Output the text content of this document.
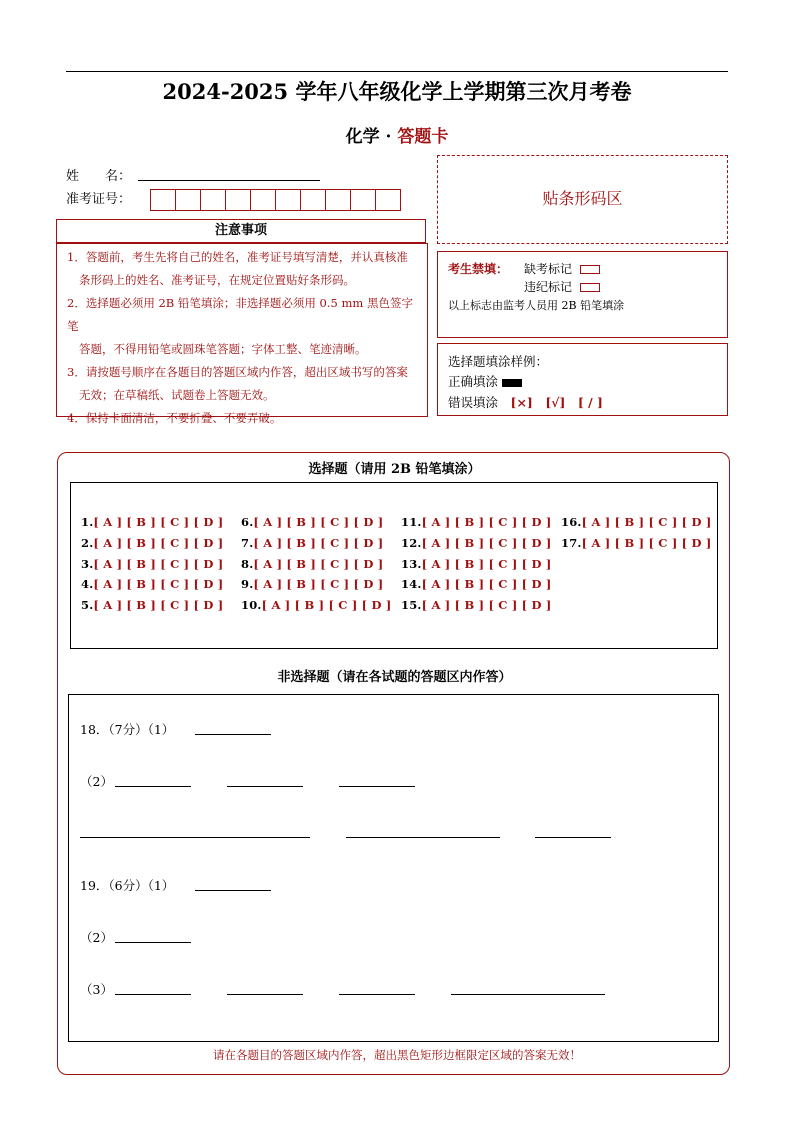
2024-2025 学年八年级化学上学期第三次月考卷
化学 · 答题卡
姓　　名：
准考证号：
注意事项

1．答题前，考生先将自己的姓名，准考证号填写清楚，并认真核准

条形码上的姓名、准考证号，在规定位置贴好条形码。

2．选择题必须用 2B 铅笔填涂；非选择题必须用 0.5 mm 黑色签字笔

答题，不得用铅笔或圆珠笔答题；字体工整、笔迹清晰。

3．请按题号顺序在各题目的答题区域内作答，超出区域书写的答案

无效；在草稿纸、试题卷上答题无效。

4．保持卡面清洁，不要折叠、不要弄破。

贴条形码区
考生禁填： 缺考标记
违纪标记
以上标志由监考人员用 2B 铅笔填涂
选择题填涂样例：
正确填涂
错误填涂　 [×]　[√]　[ / ]
选择题（请用 2B 铅笔填涂）
非选择题（请在各试题的答题区内作答）
1.[ A ] [ B ] [ C ] [ D ]
2.[ A ] [ B ] [ C ] [ D ]
3.[ A ] [ B ] [ C ] [ D ]
4.[ A ] [ B ] [ C ] [ D ]
5.[ A ] [ B ] [ C ] [ D ]
6.[ A ] [ B ] [ C ] [ D ]
7.[ A ] [ B ] [ C ] [ D ]
8.[ A ] [ B ] [ C ] [ D ]
9.[ A ] [ B ] [ C ] [ D ]
10.[ A ] [ B ] [ C ] [ D ]
11.[ A ] [ B ] [ C ] [ D ]
12.[ A ] [ B ] [ C ] [ D ]
13.[ A ] [ B ] [ C ] [ D ]
14.[ A ] [ B ] [ C ] [ D ]
15.[ A ] [ B ] [ C ] [ D ]
16.[ A ] [ B ] [ C ] [ D ]
17.[ A ] [ B ] [ C ] [ D ]
18．（7分）（1）
（2）
19．（6分）（1）
（2）
（3）
请在各题目的答题区域内作答，超出黑色矩形边框限定区域的答案无效！
